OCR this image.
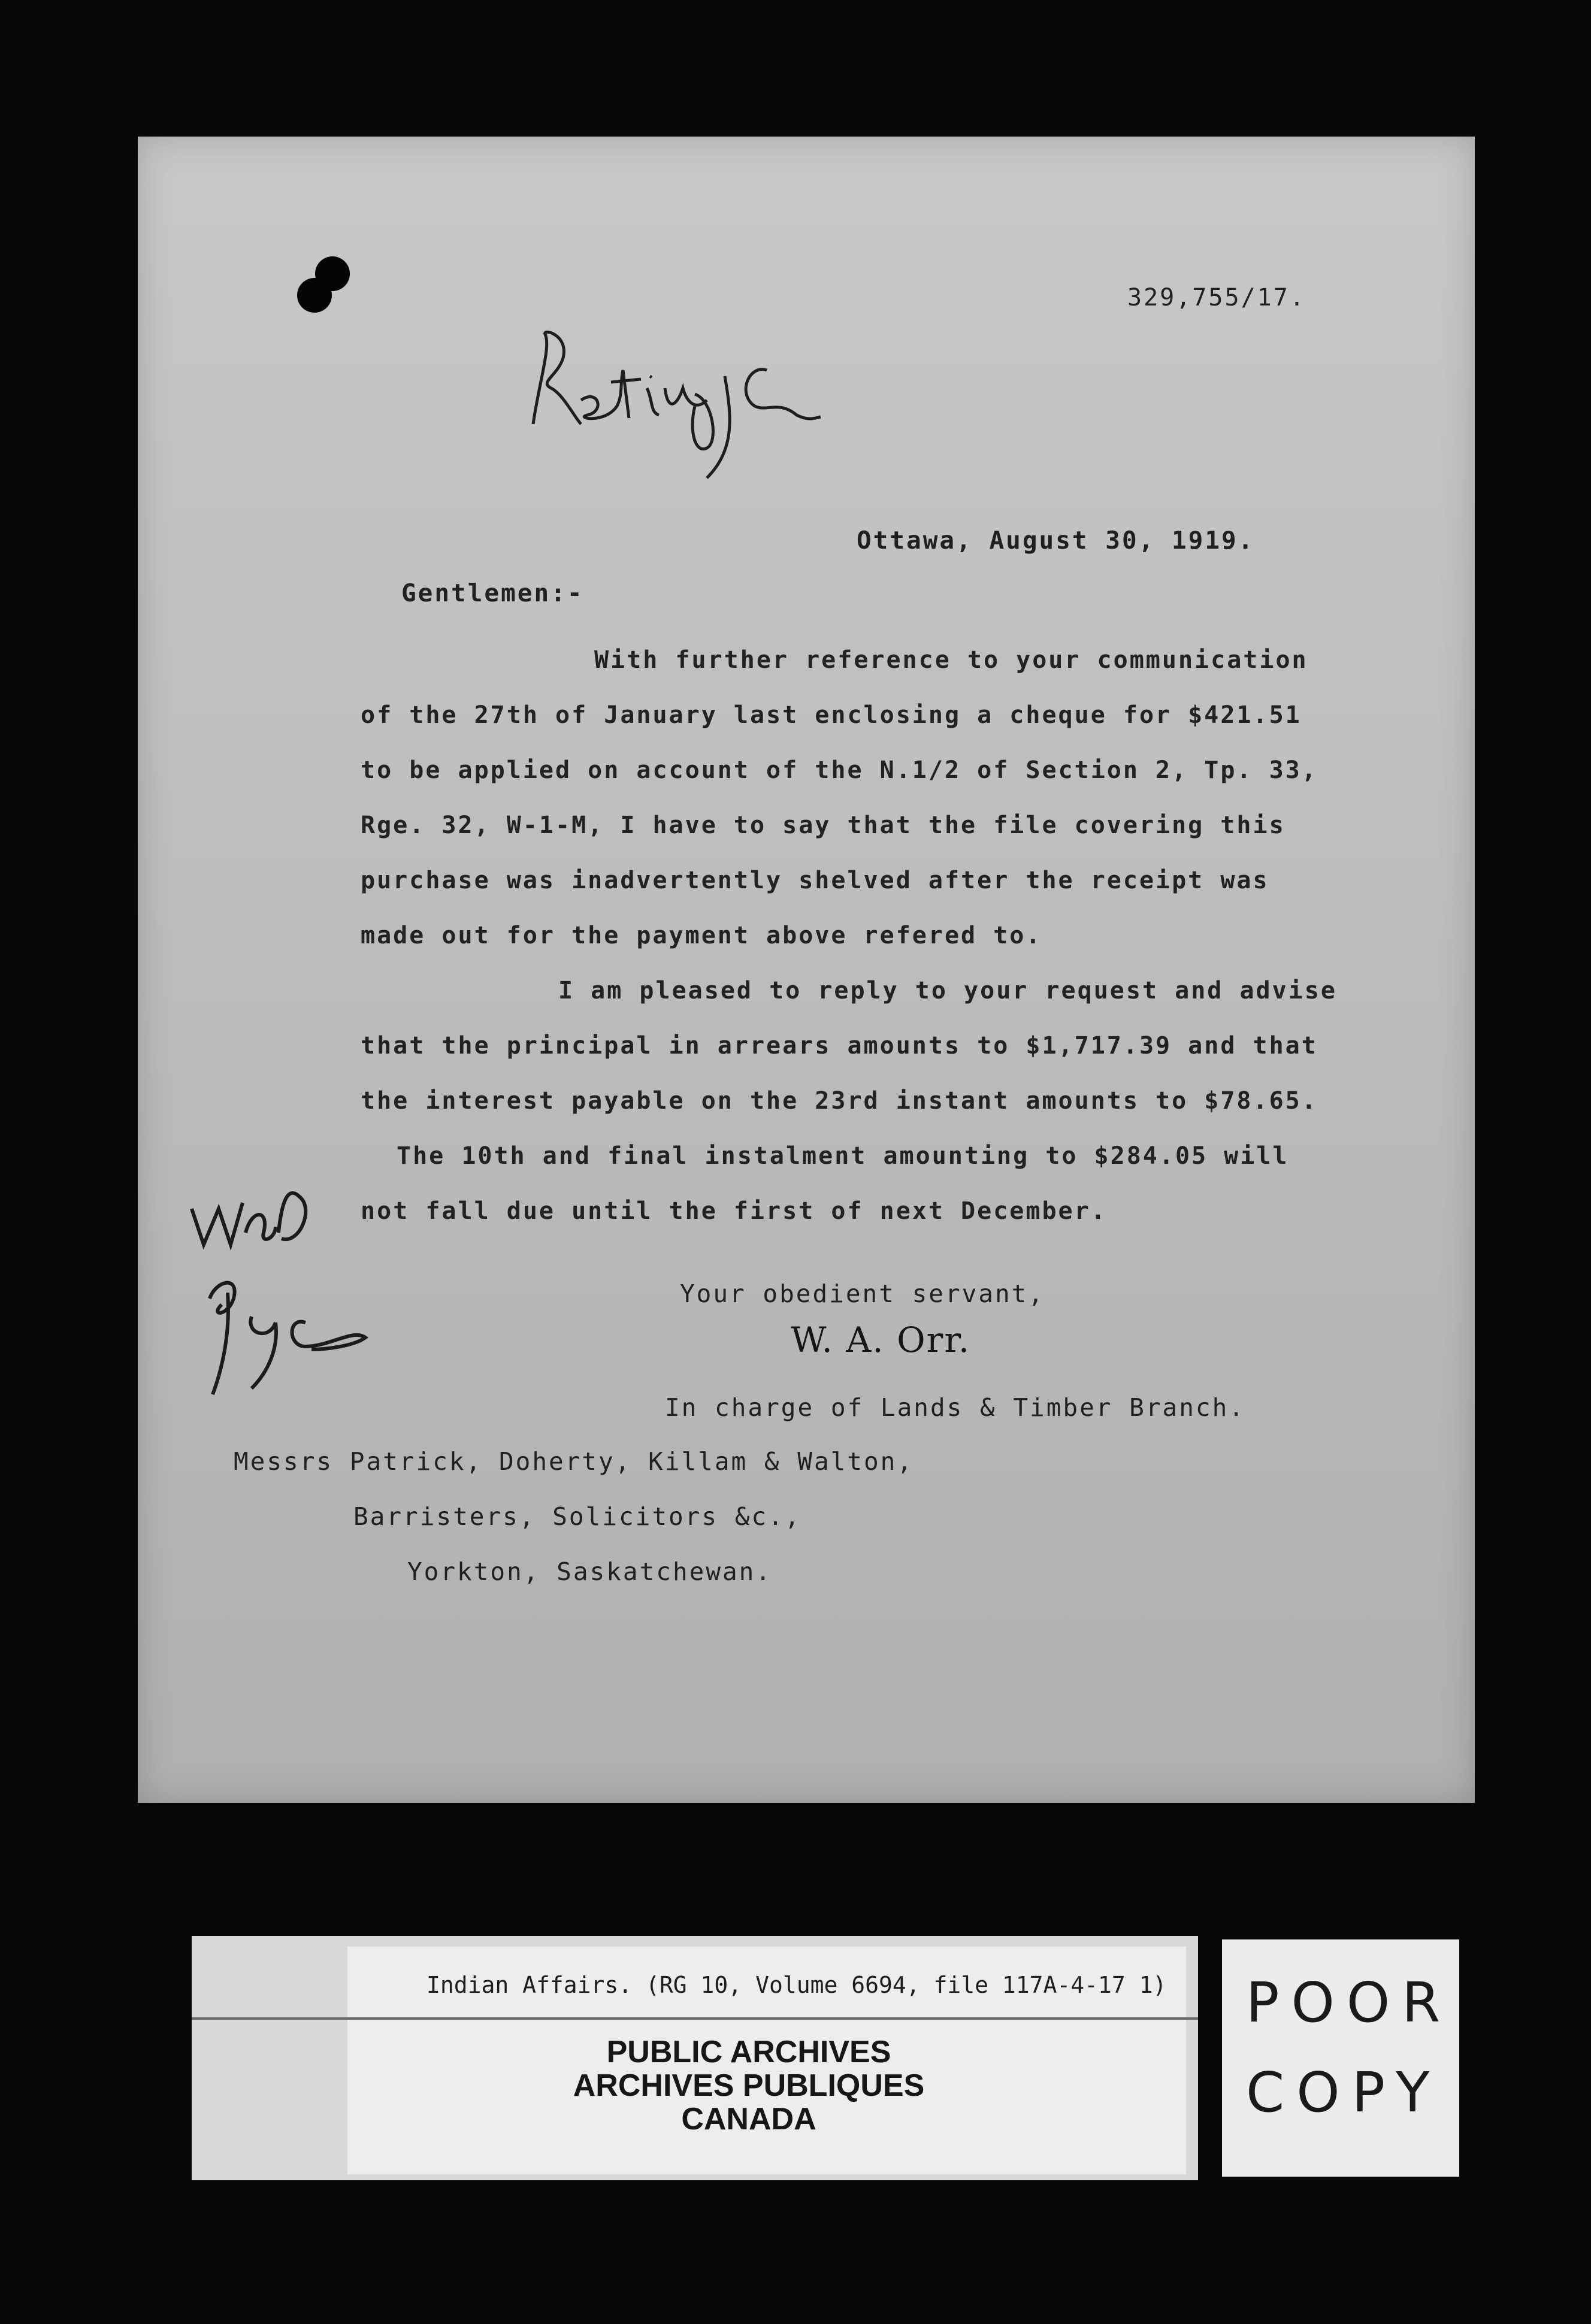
329,755/17.

Ottawa, August 30, 1919.

Gentlemen:-

With further reference to your communication
of the 27th of January last enclosing a cheque for $421.51
to be applied on account of the N.1/2 of Section 2, Tp. 33,
Rge. 32, W-1-M, I have to say that the file covering this
purchase was inadvertently shelved after the receipt was
made out for the payment above refered to.
I am pleased to reply to your request and advise
that the principal in arrears amounts to $1,717.39 and that
the interest payable on the 23rd instant amounts to $78.65.
The 10th and final instalment amounting to $284.05 will
not fall due until the first of next December.

Your obedient servant,

W. A. Orr.

In charge of Lands & Timber Branch.

Messrs Patrick, Doherty, Killam & Walton,

Barristers, Solicitors &c.,

Yorkton, Saskatchewan.

Indian Affairs. (RG 10, Volume 6694, file 117A-4-17 1)

PUBLIC ARCHIVES
ARCHIVES PUBLIQUES
CANADA

POOR

COPY
